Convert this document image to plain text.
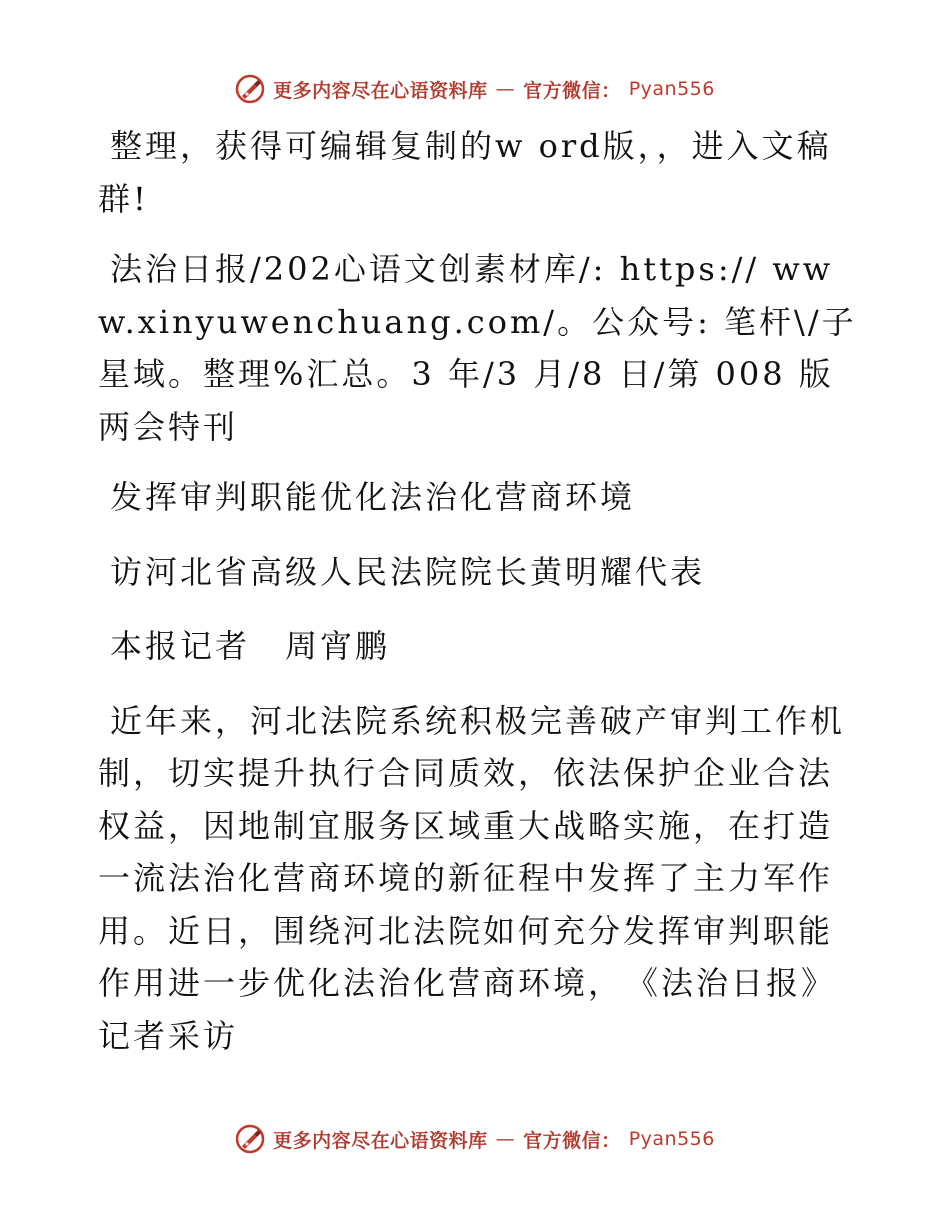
更多内容尽在心语资料库 — 官方微信： Pyan556

整理，获得可编辑复制的w ord版，，进入文稿群!

法治日报/202心语文创素材库/: https:// www.xinyuwenchuang.com/。公众号: 笔杆\/子星域。整理%汇总。3 年/3 月/8 日/第 008 版两会特刊

发挥审判职能优化法治化营商环境

访河北省高级人民法院院长黄明耀代表

本报记者　周宵鹏

近年来，河北法院系统积极完善破产审判工作机制，切实提升执行合同质效，依法保护企业合法权益，因地制宜服务区域重大战略实施，在打造一流法治化营商环境的新征程中发挥了主力军作用。近日，围绕河北法院如何充分发挥审判职能作用进一步优化法治化营商环境，　《法治日报》记者采访

更多内容尽在心语资料库 — 官方微信： Pyan556
